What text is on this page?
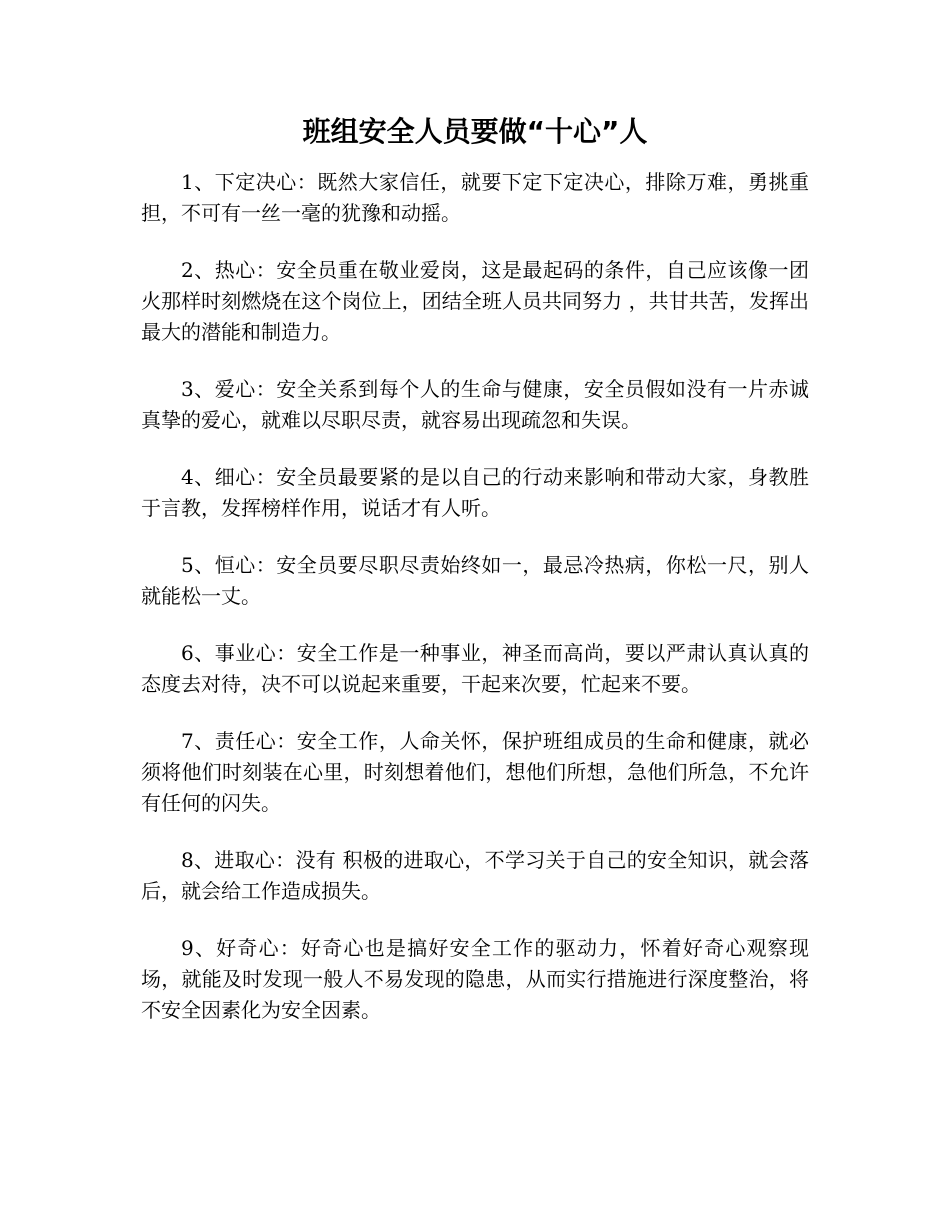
班组安全人员要做“十心”人

1、下定决心：既然大家信任，就要下定下定决心，排除万难，勇挑重担，不可有一丝一毫的犹豫和动摇。

2、热心：安全员重在敬业爱岗，这是最起码的条件，自己应该像一团火那样时刻燃烧在这个岗位上，团结全班人员共同努力 ，共甘共苦，发挥出最大的潜能和制造力。

3、爱心：安全关系到每个人的生命与健康，安全员假如没有一片赤诚真挚的爱心，就难以尽职尽责，就容易出现疏忽和失误。

4、细心：安全员最要紧的是以自己的行动来影响和带动大家，身教胜于言教，发挥榜样作用，说话才有人听。

5、恒心：安全员要尽职尽责始终如一，最忌冷热病，你松一尺，别人就能松一丈。

6、事业心：安全工作是一种事业，神圣而高尚，要以严肃认真认真的态度去对待，决不可以说起来重要，干起来次要，忙起来不要。

7、责任心：安全工作，人命关怀，保护班组成员的生命和健康，就必须将他们时刻装在心里，时刻想着他们，想他们所想，急他们所急，不允许有任何的闪失。

8、进取心：没有 积极的进取心，不学习关于自己的安全知识，就会落后，就会给工作造成损失。

9、好奇心：好奇心也是搞好安全工作的驱动力，怀着好奇心观察现场，就能及时发现一般人不易发现的隐患，从而实行措施进行深度整治，将不安全因素化为安全因素。
